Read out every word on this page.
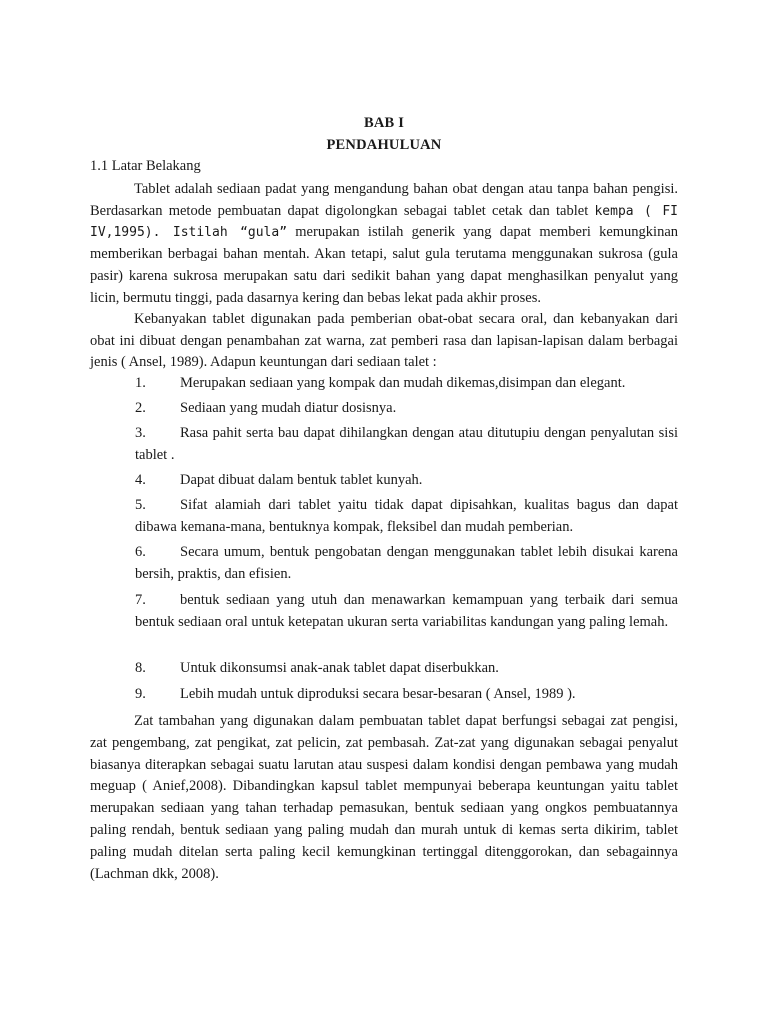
BAB I
PENDAHULUAN
1.1 Latar Belakang

Tablet adalah sediaan padat yang mengandung bahan obat dengan atau tanpa bahan pengisi. Berdasarkan metode pembuatan dapat digolongkan sebagai tablet cetak dan tablet kempa ( FI IV,1995). Istilah “gula” merupakan istilah generik yang dapat memberi kemungkinan memberikan berbagai bahan mentah. Akan tetapi, salut gula terutama menggunakan sukrosa (gula pasir) karena sukrosa merupakan satu dari sedikit bahan yang dapat menghasilkan penyalut yang licin, bermutu tinggi, pada dasarnya kering dan bebas lekat pada akhir proses.

Kebanyakan tablet digunakan pada pemberian obat-obat secara oral, dan kebanyakan dari obat ini dibuat dengan penambahan zat warna, zat pemberi rasa dan lapisan-lapisan dalam berbagai jenis ( Ansel, 1989). Adapun keuntungan dari sediaan talet :

1.	Merupakan sediaan yang kompak dan mudah dikemas,disimpan dan elegant.
2.	Sediaan yang mudah diatur dosisnya.
3.	Rasa pahit serta bau dapat dihilangkan dengan atau ditutupiu dengan penyalutan sisi tablet .
4.	Dapat dibuat dalam bentuk tablet kunyah.
5.	Sifat alamiah dari tablet yaitu tidak dapat dipisahkan, kualitas bagus dan dapat dibawa kemana-mana, bentuknya kompak, fleksibel dan mudah pemberian.
6.	Secara umum, bentuk pengobatan dengan menggunakan tablet lebih disukai karena bersih, praktis, dan efisien.
7.	bentuk sediaan yang utuh dan menawarkan kemampuan yang terbaik dari semua bentuk sediaan oral untuk ketepatan ukuran serta variabilitas kandungan yang paling lemah.
8.	Untuk dikonsumsi anak-anak tablet dapat diserbukkan.
9.	Lebih mudah untuk diproduksi secara besar-besaran ( Ansel, 1989 ).

Zat tambahan yang digunakan dalam pembuatan tablet dapat berfungsi sebagai zat pengisi, zat pengembang, zat pengikat, zat pelicin, zat pembasah. Zat-zat yang digunakan sebagai penyalut biasanya diterapkan sebagai suatu larutan atau suspesi dalam kondisi dengan pembawa yang mudah meguap ( Anief,2008). Dibandingkan kapsul tablet mempunyai beberapa keuntungan yaitu tablet merupakan sediaan yang tahan terhadap pemasukan, bentuk sediaan yang ongkos pembuatannya paling rendah, bentuk sediaan yang paling mudah dan murah untuk di kemas serta dikirim, tablet paling mudah ditelan serta paling kecil kemungkinan tertinggal ditenggorokan, dan sebagainnya (Lachman dkk, 2008).
